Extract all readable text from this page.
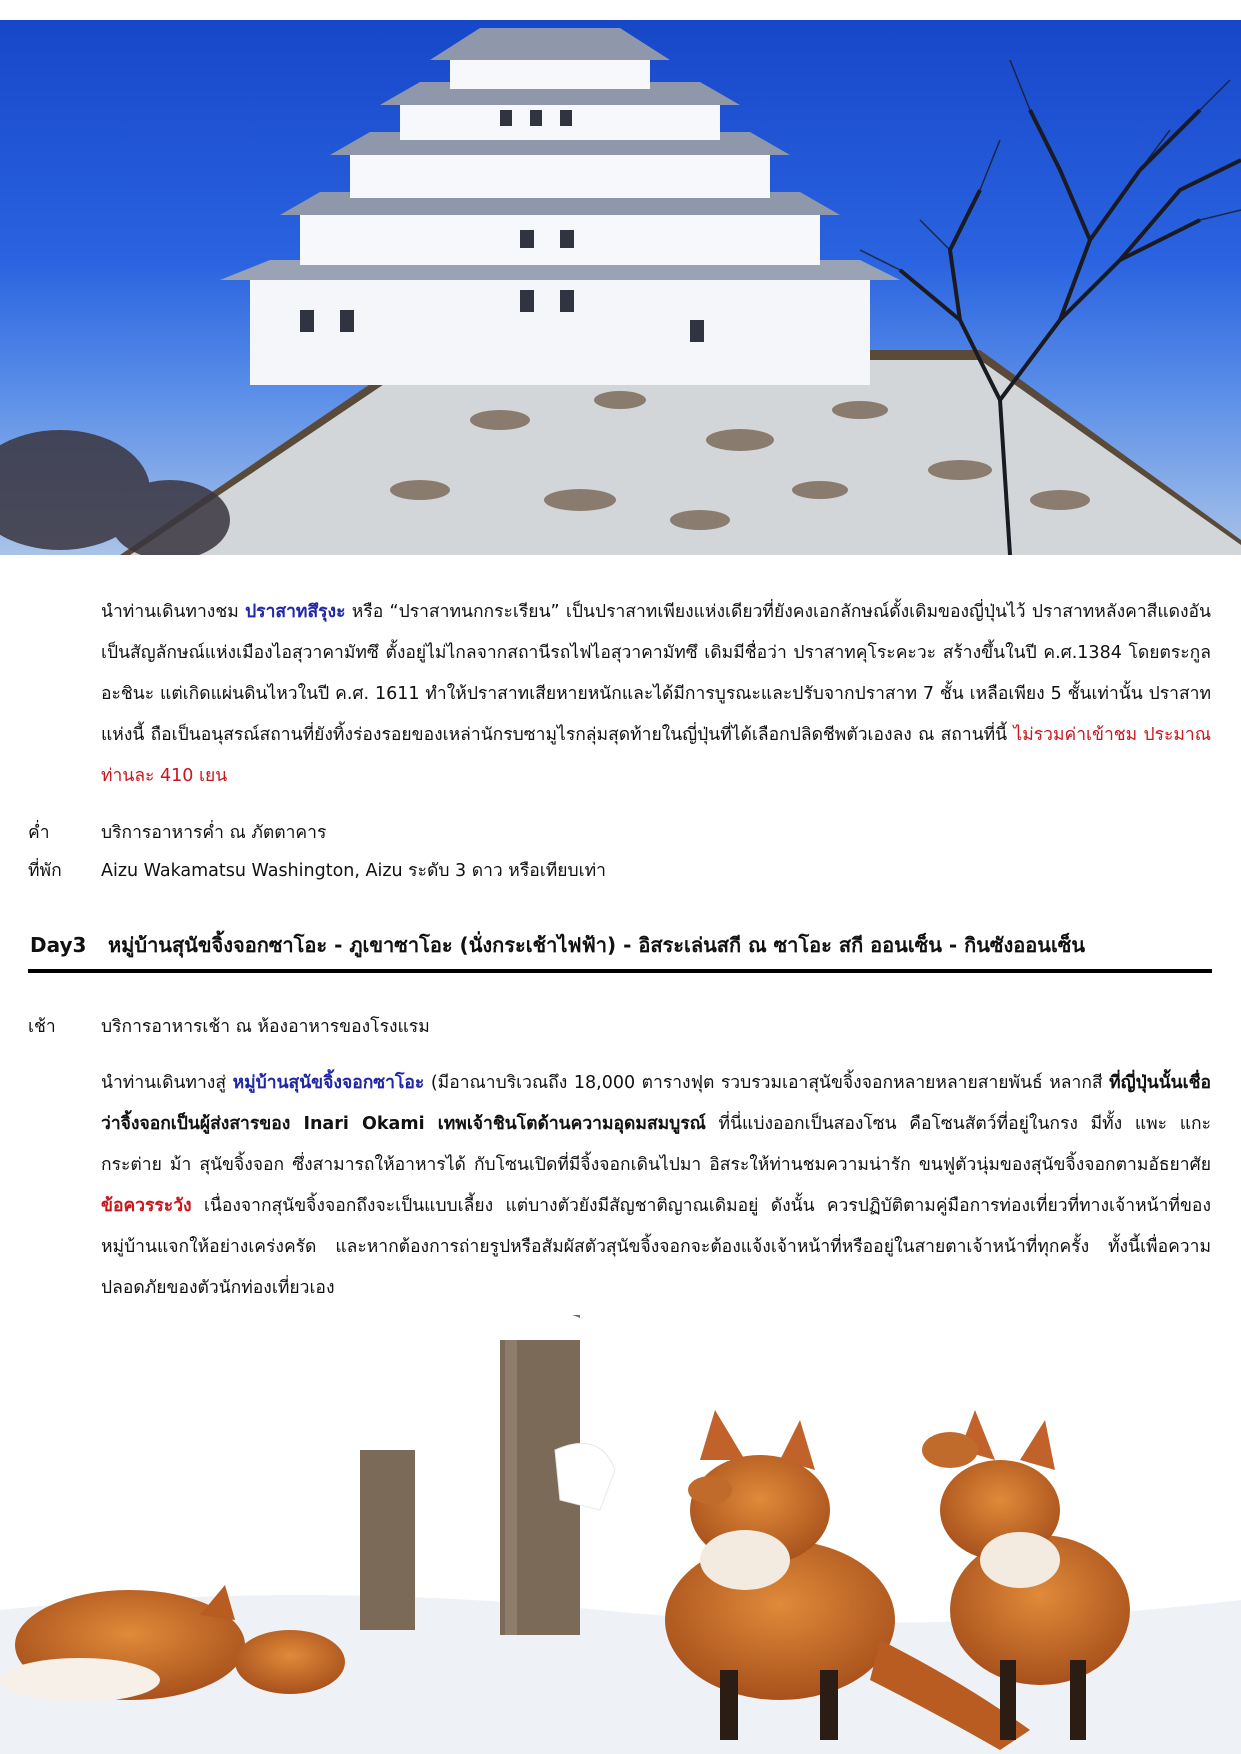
นำท่านเดินทางชม ปราสาทสึรุงะ หรือ “ปราสาทนกกระเรียน” เป็นปราสาทเพียงแห่งเดียวที่ยังคงเอกลักษณ์ดั้งเดิมของญี่ปุ่นไว้ ปราสาทหลังคาสีแดงอันเป็นสัญลักษณ์แห่งเมืองไอสุวาคามัทซึ ตั้งอยู่ไม่ไกลจากสถานีรถไฟไอสุวาคามัทซึ เดิมมีชื่อว่า ปราสาทคุโระคะวะ สร้างขึ้นในปี ค.ศ.1384 โดยตระกูลอะชินะ แต่เกิดแผ่นดินไหวในปี ค.ศ. 1611 ทำให้ปราสาทเสียหายหนักและได้มีการบูรณะและปรับจากปราสาท 7 ชั้น เหลือเพียง 5 ชั้นเท่านั้น ปราสาทแห่งนี้ ถือเป็นอนุสรณ์สถานที่ยังทิ้งร่องรอยของเหล่านักรบซามูไรกลุ่มสุดท้ายในญี่ปุ่นที่ได้เลือกปลิดชีพตัวเองลง ณ สถานที่นี้ ไม่รวมค่าเข้าชม ประมาณท่านละ 410 เยน
ค่ำ	บริการอาหารค่ำ ณ ภัตตาคาร
ที่พัก Aizu Wakamatsu Washington, Aizu ระดับ 3 ดาว หรือเทียบเท่า
Day3 หมู่บ้านสุนัขจิ้งจอกซาโอะ - ภูเขาซาโอะ (นั่งกระเช้าไฟฟ้า) - อิสระเล่นสกี ณ ซาโอะ สกี ออนเซ็น - กินซังออนเซ็น
เช้า	บริการอาหารเช้า ณ ห้องอาหารของโรงแรม
นำท่านเดินทางสู่ หมู่บ้านสุนัขจิ้งจอกซาโอะ (มีอาณาบริเวณถึง 18,000 ตารางฟุต รวบรวมเอาสุนัขจิ้งจอกหลายหลายสายพันธ์ หลากสี ที่ญี่ปุ่นนั้นเชื่อว่าจิ้งจอกเป็นผู้ส่งสารของ Inari Okami เทพเจ้าชินโตด้านความอุดมสมบูรณ์ ที่นี่แบ่งออกเป็นสองโซน คือโซนสัตว์ที่อยู่ในกรง มีทั้ง แพะ แกะ กระต่าย ม้า สุนัขจิ้งจอก ซึ่งสามารถให้อาหารได้ กับโซนเปิดที่มีจิ้งจอกเดินไปมา อิสระให้ท่านชมความน่ารัก ขนฟูตัวนุ่มของสุนัขจิ้งจอกตามอัธยาศัย ข้อควรระวัง เนื่องจากสุนัขจิ้งจอกถึงจะเป็นแบบเลี้ยง แต่บางตัวยังมีสัญชาติญาณเดิมอยู่ ดังนั้น ควรปฏิบัติตามคู่มือการท่องเที่ยวที่ทางเจ้าหน้าที่ของหมู่บ้านแจกให้อย่างเคร่งครัด และหากต้องการถ่ายรูปหรือสัมผัสตัวสุนัขจิ้งจอกจะต้องแจ้งเจ้าหน้าที่หรืออยู่ในสายตาเจ้าหน้าที่ทุกครั้ง ทั้งนี้เพื่อความปลอดภัยของตัวนักท่องเที่ยวเอง
